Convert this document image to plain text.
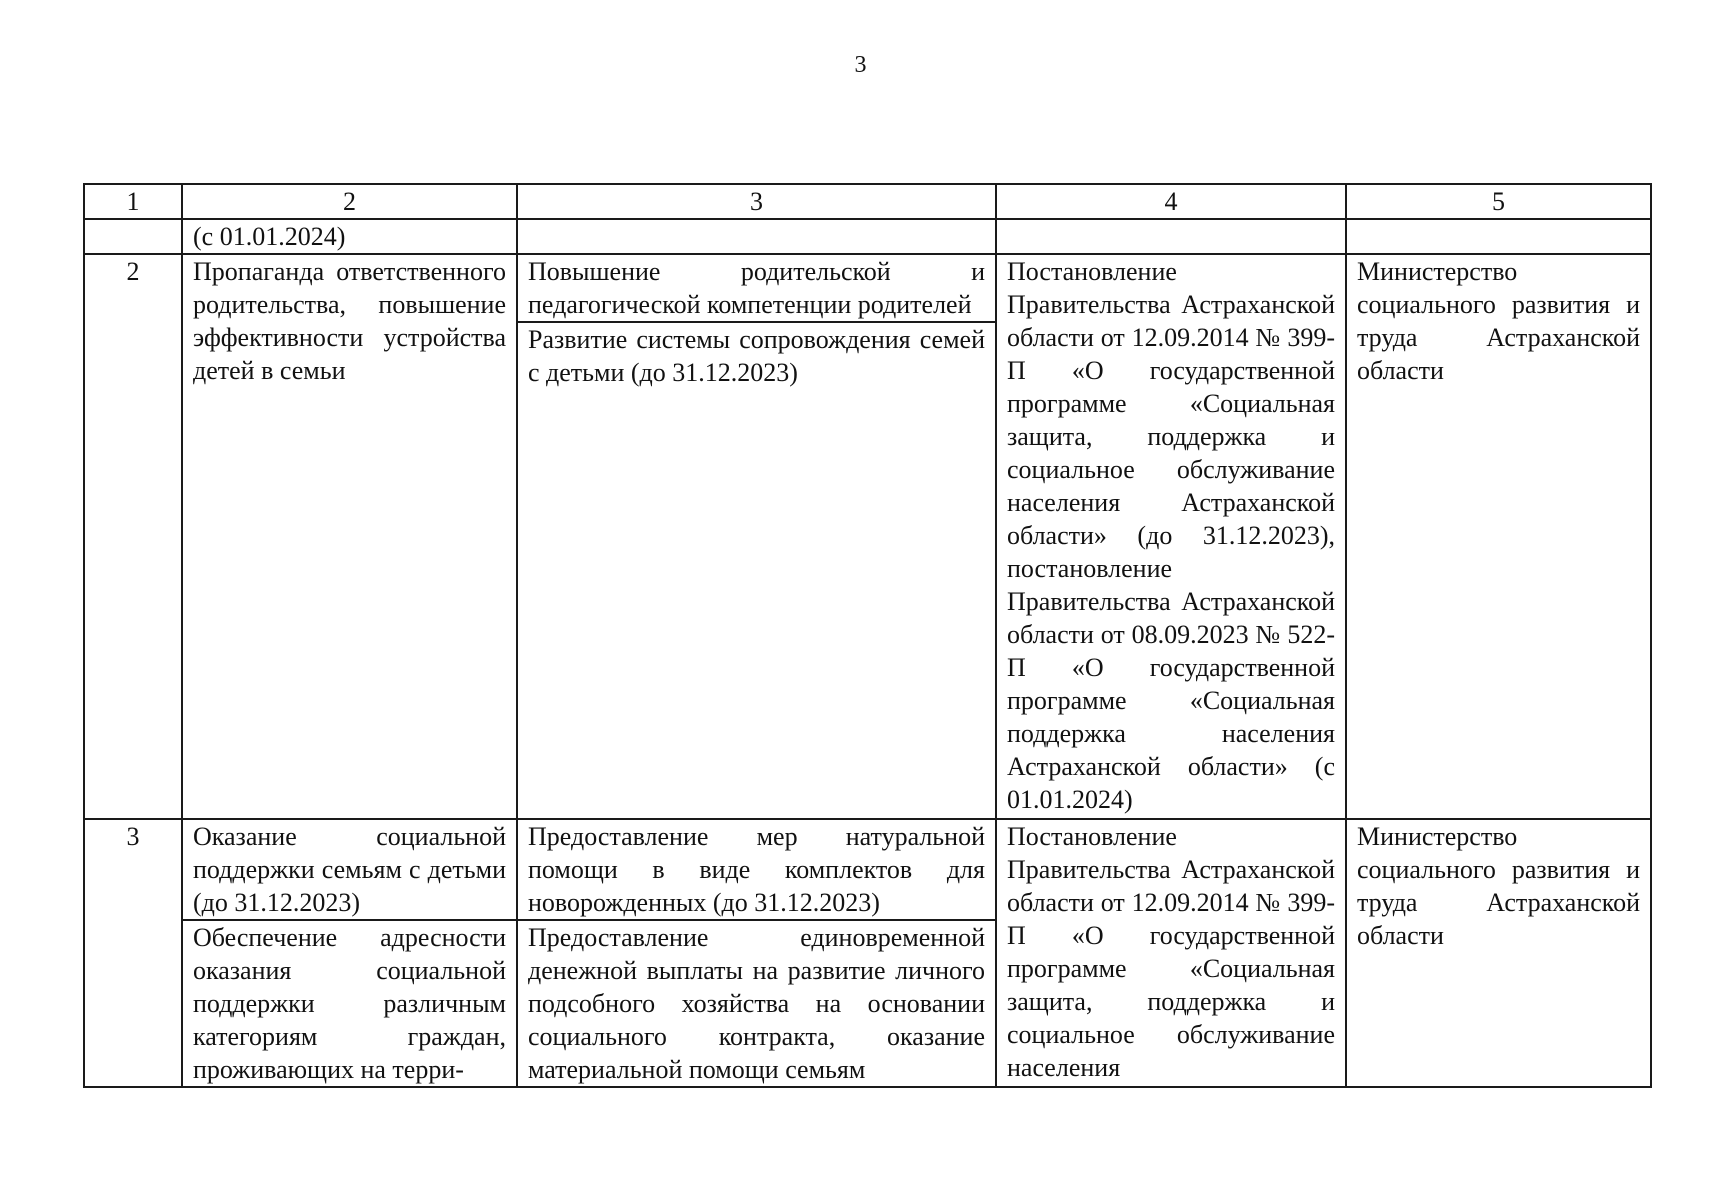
3
1	2	3	4	5
	(с 01.01.2024)			
2	Пропаганда ответственного родительства, повышение эффективности устройства детей в семьи	Повышение родительской и педагогической компетенции родителей	Постановление Правительства Астраханской области от 12.09.2014 № 399-П «О государственной программе «Социальная защита, поддержка и социальное обслуживание населения Астраханской области» (до 31.12.2023), постановление Правительства Астраханской области от 08.09.2023 № 522-П «О государственной программе «Социальная поддержка населения Астраханской области» (с 01.01.2024)	Министерство социального развития и труда Астраханской области
		Развитие системы сопровождения семей с детьми (до 31.12.2023)		
3	Оказание социальной поддержки семьям с детьми (до 31.12.2023)	Предоставление мер натуральной помощи в виде комплектов для новорожденных (до 31.12.2023)	Постановление Правительства Астраханской области от 12.09.2014 № 399-П «О государственной программе «Социальная защита, поддержка и социальное обслуживание населения	Министерство социального развития и труда Астраханской области

	Обеспечение адресности оказания социальной поддержки различным категориям граждан, проживающих на терри-	Предоставление единовременной денежной выплаты на развитие личного подсобного хозяйства на основании социального контракта, оказание материальной помощи семьям		
